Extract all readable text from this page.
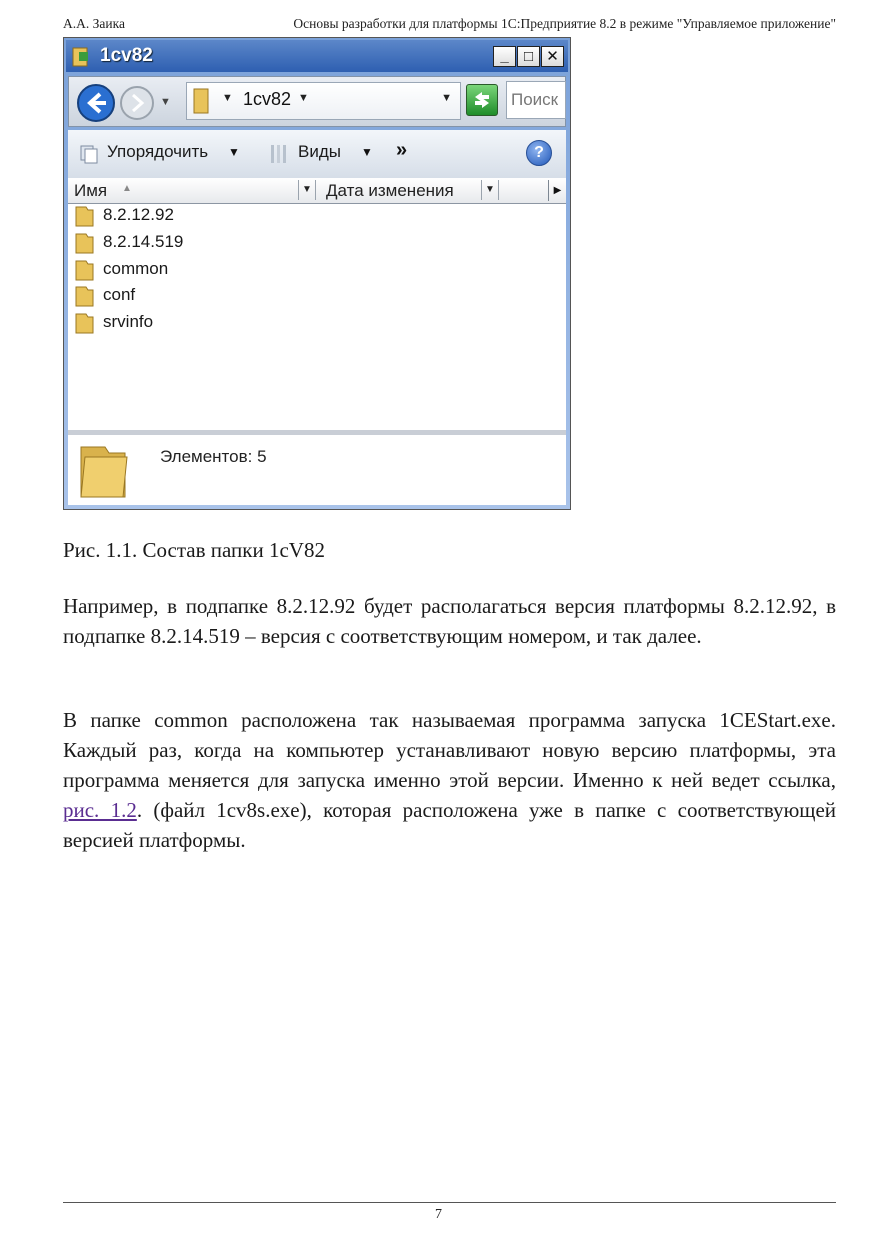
А.А. Заика	Основы разработки для платформы 1С:Предприятие 8.2 в режиме "Управляемое приложение"
1cv82	_	□ ✕
▼	▼ 1cv82 ▼	▼	Поиск
Упорядочить ▼	Виды ▼ »	?
Имя ▲	▼ Дата изменения	▼	▶
8.2.12.92
8.2.14.519
common
conf
srvinfo
Элементов: 5
Рис. 1.1. Состав папки 1cV82

Например, в подпапке 8.2.12.92 будет располагаться версия платформы 8.2.12.92, в подпапке 8.2.14.519 – версия с соответствующим номером, и так далее.

В папке common расположена так называемая программа запуска 1CEStart.exe. Каждый раз, когда на компьютер устанавливают новую версию платформы, эта программа меняется для запуска именно этой версии. Именно к ней ведет ссылка, рис. 1.2. (файл 1cv8s.exe), которая расположена уже в папке с соответствующей версией платформы.

7
